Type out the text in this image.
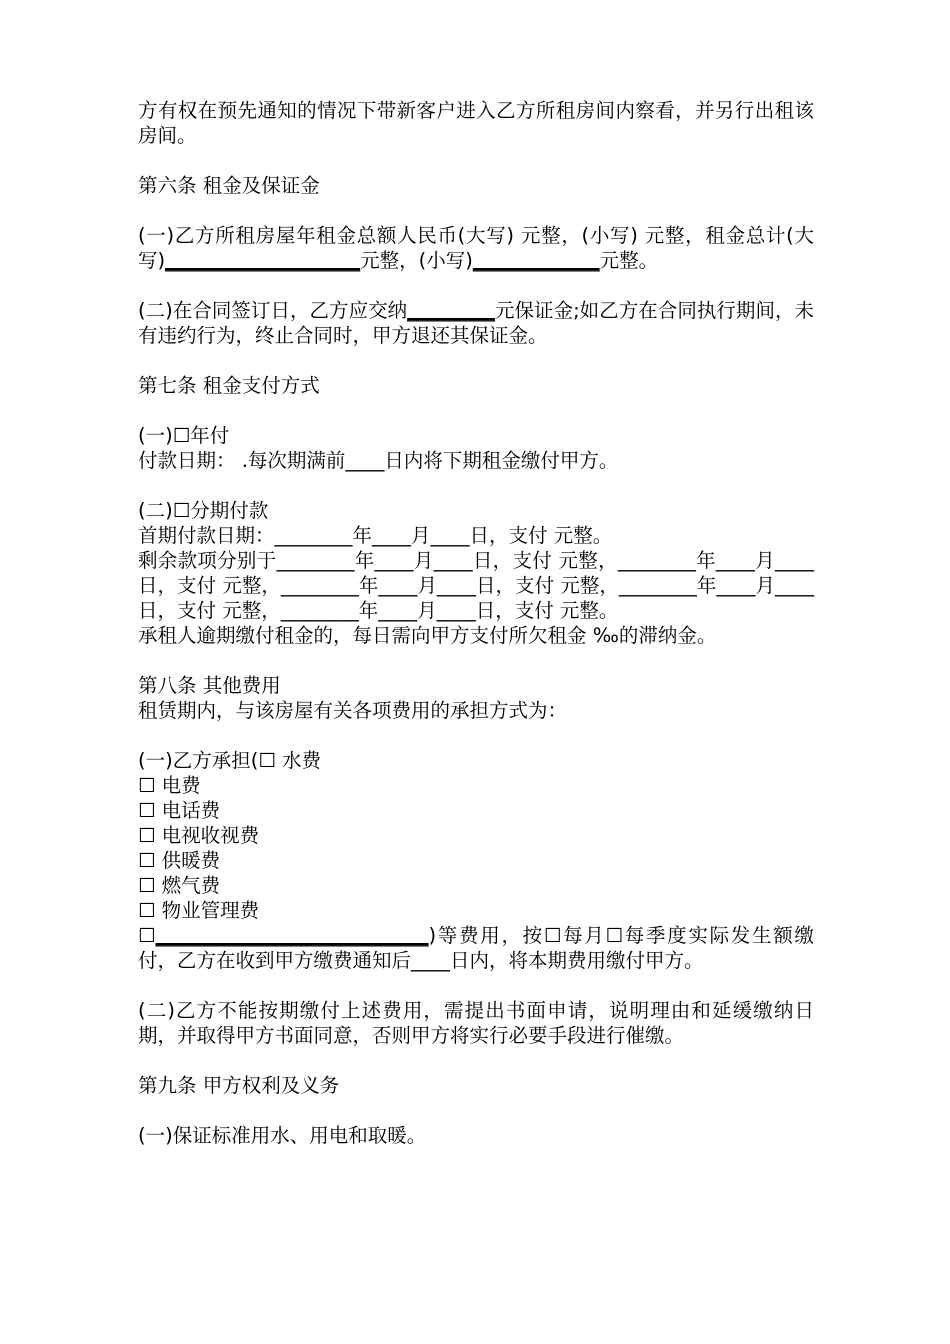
方有权在预先通知的情况下带新客户进入乙方所租房间内察看，并另行出租该房间。

第六条 租金及保证金

(一)乙方所租房屋年租金总额人民币(大写) 元整，(小写) 元整，租金总计(大写)____________________元整，(小写)_____________元整。

(二)在合同签订日，乙方应交纳_________元保证金;如乙方在合同执行期间，未有违约行为，终止合同时，甲方退还其保证金。

第七条 租金支付方式

(一)☐年付

付款日期： .每次期满前____日内将下期租金缴付甲方。

(二)☐分期付款

首期付款日期：________年____月____日，支付 元整。

剩余款项分别于________年____月____日，支付 元整，________年____月____日，支付 元整，________年____月____日，支付 元整，________年____月____日，支付 元整，________年____月____日，支付 元整。

承租人逾期缴付租金的，每日需向甲方支付所欠租金 ‰的滞纳金。

第八条 其他费用

租赁期内，与该房屋有关各项费用的承担方式为：

(一)乙方承担(☐ 水费

☐ 电费

☐ 电话费

☐ 电视收视费

☐ 供暖费

☐ 燃气费

☐ 物业管理费

☐____________________________)等费用，按☐每月☐每季度实际发生额缴付，乙方在收到甲方缴费通知后____日内，将本期费用缴付甲方。

(二)乙方不能按期缴付上述费用，需提出书面申请，说明理由和延缓缴纳日期，并取得甲方书面同意，否则甲方将实行必要手段进行催缴。

第九条 甲方权利及义务

(一)保证标准用水、用电和取暖。
